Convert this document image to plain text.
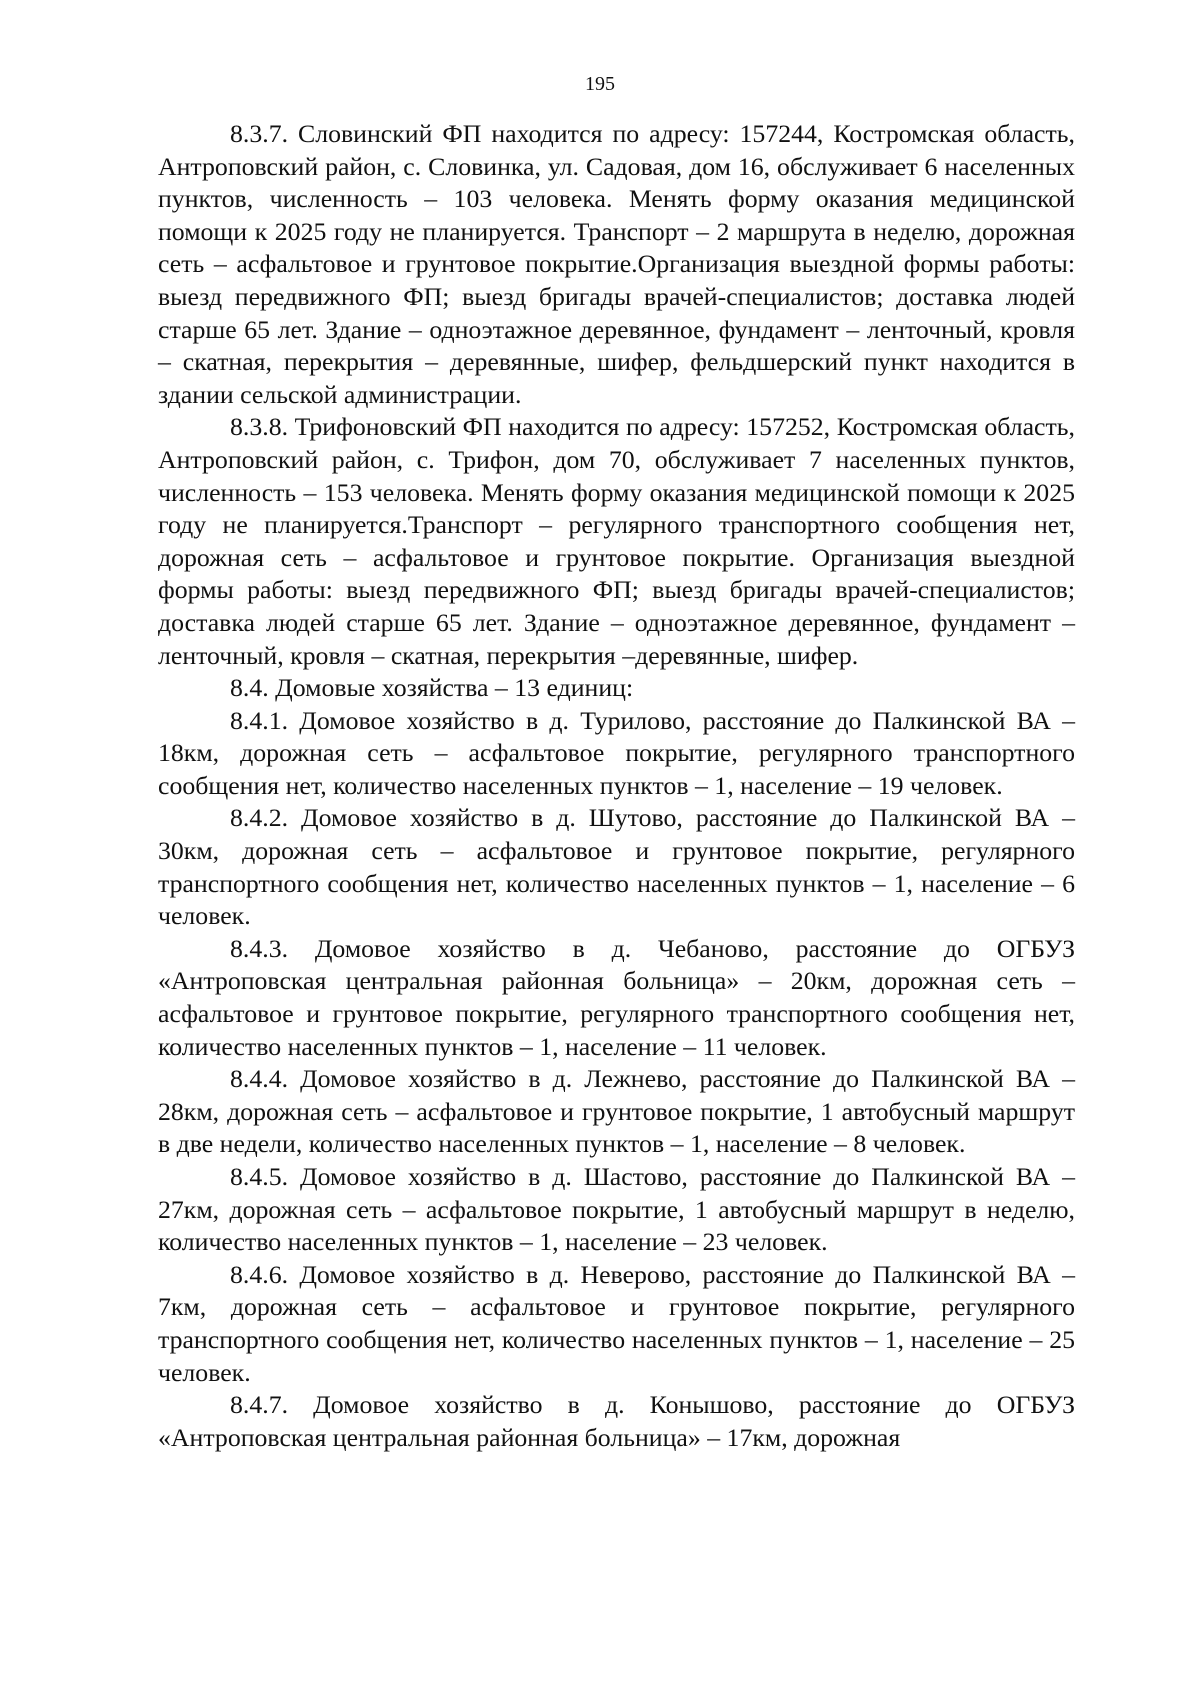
195

8.3.7. Словинский ФП находится по адресу: 157244, Костромская область, Антроповский район, с. Словинка, ул. Садовая, дом 16, обслуживает 6 населенных пунктов, численность – 103 человека. Менять форму оказания медицинской помощи к 2025 году не планируется. Транспорт – 2 маршрута в неделю, дорожная сеть – асфальтовое и грунтовое покрытие.Организация выездной формы работы: выезд передвижного ФП; выезд бригады врачей-специалистов; доставка людей старше 65 лет. Здание – одноэтажное деревянное, фундамент – ленточный, кровля – скатная, перекрытия – деревянные, шифер, фельдшерский пункт находится в здании сельской администрации.

8.3.8. Трифоновский ФП находится по адресу: 157252, Костромская область, Антроповский район, с. Трифон, дом 70, обслуживает 7 населенных пунктов, численность – 153 человека. Менять форму оказания медицинской помощи к 2025 году не планируется.Транспорт – регулярного транспортного сообщения нет, дорожная сеть – асфальтовое и грунтовое покрытие. Организация выездной формы работы: выезд передвижного ФП; выезд бригады врачей-специалистов; доставка людей старше 65 лет. Здание – одноэтажное деревянное, фундамент – ленточный, кровля – скатная, перекрытия –деревянные, шифер.

8.4. Домовые хозяйства – 13 единиц:

8.4.1. Домовое хозяйство в д. Турилово, расстояние до Палкинской ВА – 18км, дорожная сеть – асфальтовое покрытие, регулярного транспортного сообщения нет, количество населенных пунктов – 1, население – 19 человек.

8.4.2. Домовое хозяйство в д. Шутово, расстояние до Палкинской ВА – 30км, дорожная сеть – асфальтовое и грунтовое покрытие, регулярного транспортного сообщения нет, количество населенных пунктов – 1, население – 6 человек.

8.4.3. Домовое хозяйство в д. Чебаново, расстояние до ОГБУЗ «Антроповская центральная районная больница» – 20км, дорожная сеть – асфальтовое и грунтовое покрытие, регулярного транспортного сообщения нет, количество населенных пунктов – 1, население – 11 человек.

8.4.4. Домовое хозяйство в д. Лежнево, расстояние до Палкинской ВА – 28км, дорожная сеть – асфальтовое и грунтовое покрытие, 1 автобусный маршрут в две недели, количество населенных пунктов – 1, население – 8 человек.

8.4.5. Домовое хозяйство в д. Шастово, расстояние до Палкинской ВА – 27км, дорожная сеть – асфальтовое покрытие, 1 автобусный маршрут в неделю, количество населенных пунктов – 1, население – 23 человек.

8.4.6. Домовое хозяйство в д. Неверово, расстояние до Палкинской ВА – 7км, дорожная сеть – асфальтовое и грунтовое покрытие, регулярного транспортного сообщения нет, количество населенных пунктов – 1, население – 25 человек.

8.4.7. Домовое хозяйство в д. Конышово, расстояние до ОГБУЗ «Антроповская центральная районная больница» – 17км, дорожная
